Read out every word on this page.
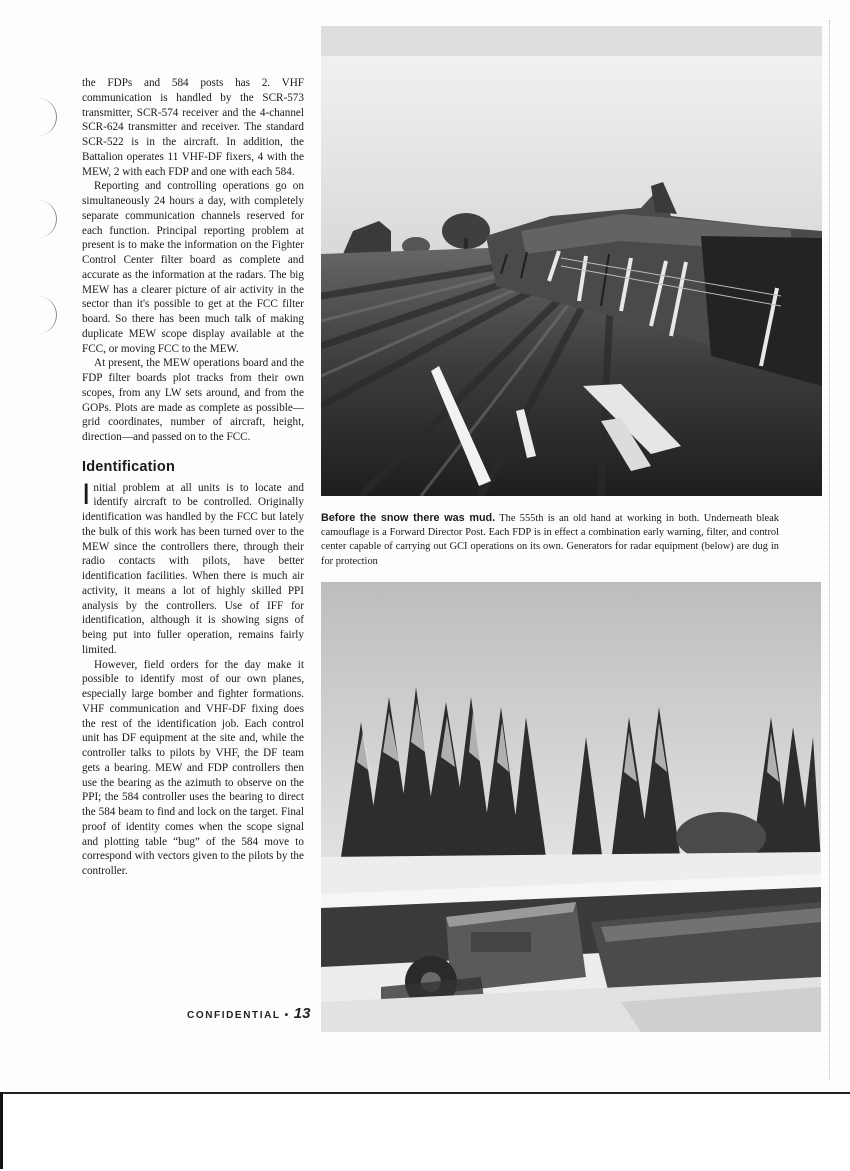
the FDPs and 584 posts has 2. VHF communication is handled by the SCR-573 transmitter, SCR-574 receiver and the 4-channel SCR-624 transmitter and receiver. The standard SCR-522 is in the aircraft. In addition, the Battalion operates 11 VHF-DF fixers, 4 with the MEW, 2 with each FDP and one with each 584.

Reporting and controlling operations go on simultaneously 24 hours a day, with completely separate communication channels reserved for each function. Principal reporting problem at present is to make the information on the Fighter Control Center filter board as complete and accurate as the information at the radars. The big MEW has a clearer picture of air activity in the sector than it's possible to get at the FCC filter board. So there has been much talk of making duplicate MEW scope display available at the FCC, or moving FCC to the MEW.

At present, the MEW operations board and the FDP filter boards plot tracks from their own scopes, from any LW sets around, and from the GOPs. Plots are made as complete as possible—grid coordinates, number of aircraft, height, direction—and passed on to the FCC.

Identification

Initial problem at all units is to locate and identify aircraft to be controlled. Originally identification was handled by the FCC but lately the bulk of this work has been turned over to the MEW since the controllers there, through their radio contacts with pilots, have better identification facilities. When there is much air activity, it means a lot of highly skilled PPI analysis by the controllers. Use of IFF for identification, although it is showing signs of being put into fuller operation, remains fairly limited.

However, field orders for the day make it possible to identify most of our own planes, especially large bomber and fighter formations. VHF communication and VHF-DF fixing does the rest of the identification job. Each control unit has DF equipment at the site and, while the controller talks to pilots by VHF, the DF team gets a bearing. MEW and FDP controllers then use the bearing as the azimuth to observe on the PPI; the 584 controller uses the bearing to direct the 584 beam to find and lock on the target. Final proof of identity comes when the scope signal and plotting table “bug” of the 584 move to correspond with vectors given to the pilots by the controller.

CONFIDENTIAL • 13
Before the snow there was mud. The 555th is an old hand at working in both. Underneath bleak camouflage is a Forward Director Post. Each FDP is in effect a combination early warning, filter, and control center capable of carrying out GCI operations on its own. Generators for radar equipment (below) are dug in for protection
